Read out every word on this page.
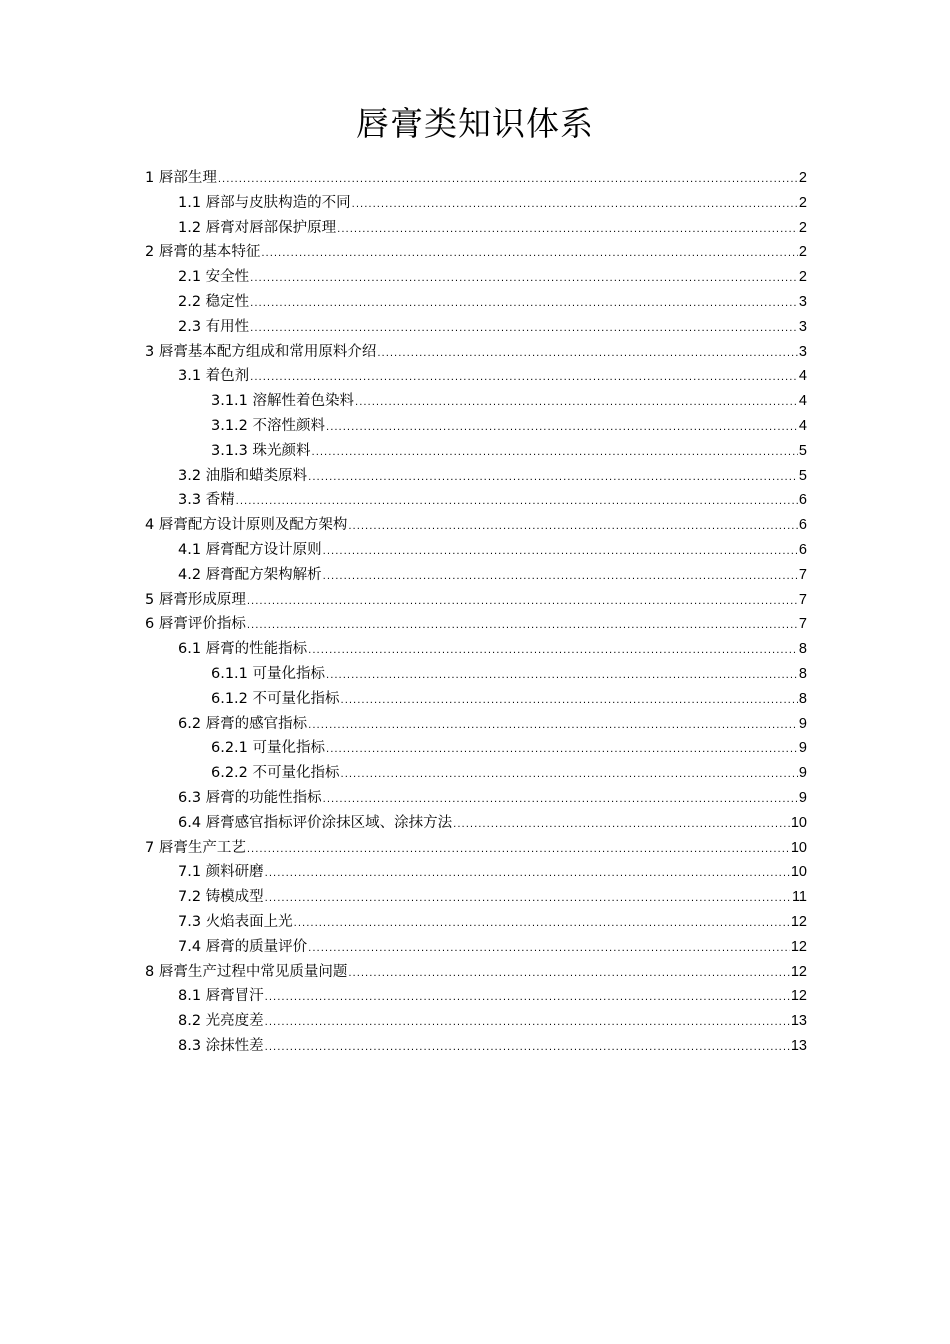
唇膏类知识体系
1 唇部生理 .....	2
1.1 唇部与皮肤构造的不同 .....	2
1.2 唇膏对唇部保护原理 .....	2
2 唇膏的基本特征 .....	2
2.1 安全性 .....	2
2.2 稳定性 .....	3
2.3 有用性 .....	3
3 唇膏基本配方组成和常用原料介绍 .....	3
3.1 着色剂 .....	4
3.1.1 溶解性着色染料 .....	4
3.1.2 不溶性颜料 .....	4
3.1.3 珠光颜料 .....	5
3.2 油脂和蜡类原料 .....	5
3.3 香精 .....	6
4 唇膏配方设计原则及配方架构 .....	6
4.1 唇膏配方设计原则 .....	6
4.2 唇膏配方架构解析 .....	7
5 唇膏形成原理 .....	7
6 唇膏评价指标 .....	7
6.1 唇膏的性能指标 .....	8
6.1.1 可量化指标 .....	8
6.1.2 不可量化指标 .....	8
6.2 唇膏的感官指标 .....	9
6.2.1 可量化指标 .....	9
6.2.2 不可量化指标 .....	9
6.3 唇膏的功能性指标 .....	9
6.4 唇膏感官指标评价涂抹区域、涂抹方法 .....	10
7 唇膏生产工艺 .....	10
7.1 颜料研磨 .....	10
7.2 铸模成型 .....	11
7.3 火焰表面上光 .....	12
7.4 唇膏的质量评价 .....	12
8 唇膏生产过程中常见质量问题 .....	12
8.1 唇膏冒汗 .....	12
8.2 光亮度差 .....	13
8.3 涂抹性差 .....	13
